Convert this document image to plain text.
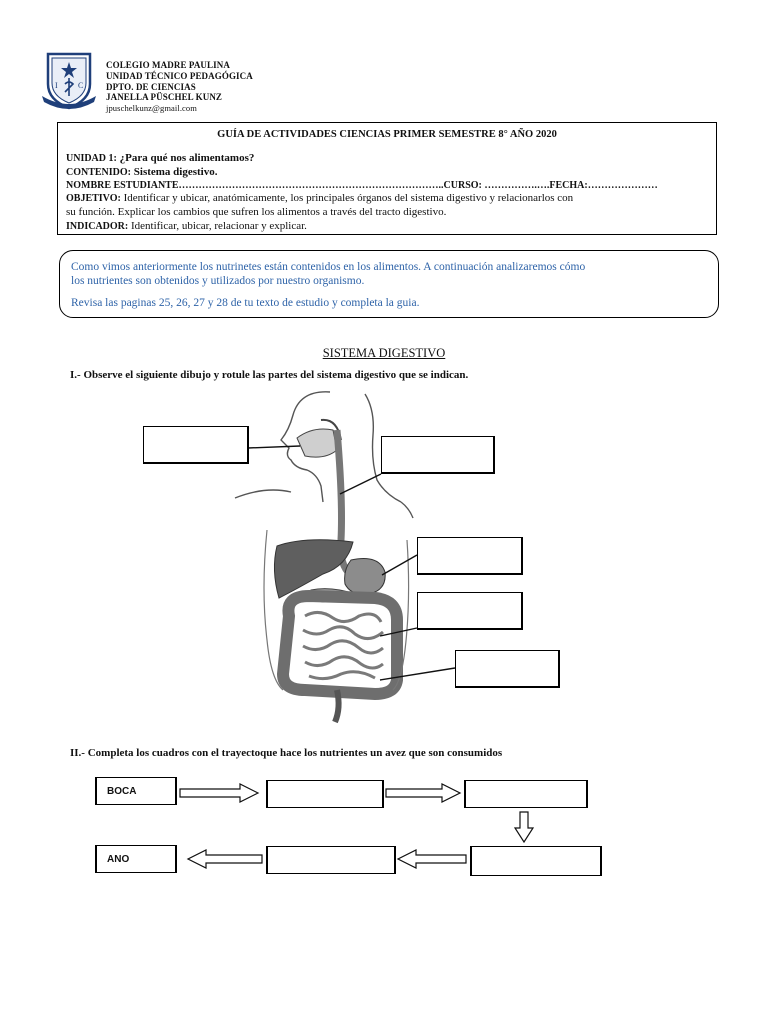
I	C
COLEGIO MADRE PAULINA
UNIDAD TÉCNICO PEDAGÓGICA
DPTO. DE CIENCIAS
JANELLA PÜSCHEL KUNZ
jpuschelkunz@gmail.com
GUÍA DE ACTIVIDADES CIENCIAS PRIMER SEMESTRE 8° AÑO 2020
UNIDAD 1: ¿Para qué nos alimentamos?
CONTENIDO: Sistema digestivo.
NOMBRE ESTUDIANTE……………………………………………………………………..CURSO: …………….….FECHA:…………………
OBJETIVO: Identificar y ubicar, anatómicamente, los principales órganos del sistema digestivo y relacionarlos con
su función. Explicar los cambios que sufren los alimentos a través del tracto digestivo.
INDICADOR: Identificar, ubicar, relacionar y explicar.
Como vimos anteriormente los nutrinetes están contenidos en los alimentos. A continuación analizaremos cómo
los nutrientes son obtenidos y utilizados por nuestro organismo.
Revisa las paginas 25, 26, 27 y 28 de tu texto de estudio y completa la guia.
SISTEMA DIGESTIVO
I.- Observe el siguiente dibujo y rotule las partes del sistema digestivo que se indican.
II.- Completa los cuadros con el trayectoque hace los nutrientes un avez que son consumidos
BOCA
ANO
